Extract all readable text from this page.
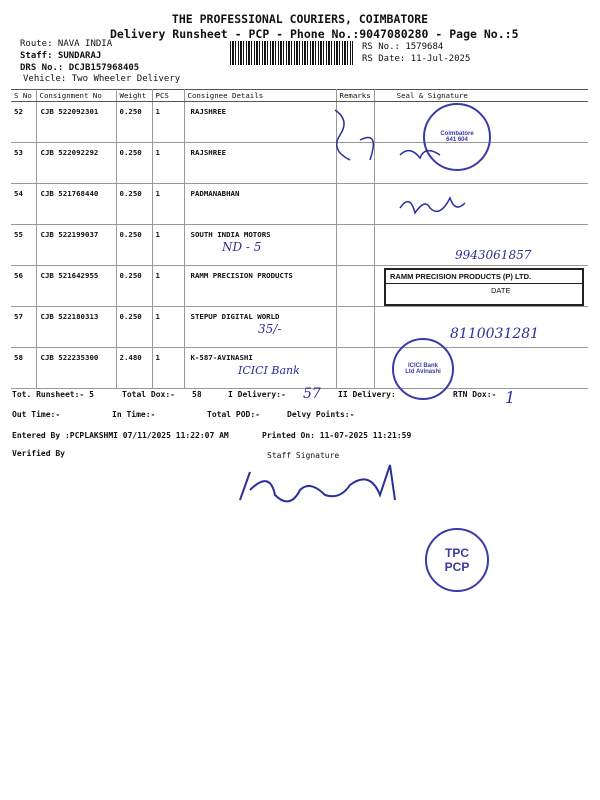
THE PROFESSIONAL COURIERS, COIMBATORE
Delivery Runsheet - PCP - Phone No.:9047080280 - Page No.:5
Route: NAVA INDIA
Staff: SUNDARAJ
DRS No.: DCJB157968405
Vehicle: Two Wheeler Delivery
RS No.: 1579684
RS Date: 11-Jul-2025
S No	Consignment No	Weight	PCS	Consignee Details	Remarks	Seal & Signature
52	CJB 522092301	0.250	1	RAJSHREE		
53	CJB 522092292	0.250	1	RAJSHREE		
54	CJB 521768440	0.250	1	PADMANABHAN		
55	CJB 522199037	0.250	1	SOUTH INDIA MOTORS		
56	CJB 521642955	0.250	1	RAMM PRECISION PRODUCTS		
57	CJB 522180313	0.250	1	STEPUP DIGITAL WORLD		
58	CJB 522235300	2.480	1	K-587-AVINASHI		
ND - 5
9943061857
35/-	8110031281
ICICI Bank
57	1
Coimbatore 641 604
RAMM PRECISION PRODUCTS (P) LTD.
DATE
ICICI Bank Ltd Avinashi
TPC
PCP
Tot. Runsheet:- 5	Total Dox:- 58	I Delivery:-	II Delivery:	RTN Dox:-
Out Time:-	In Time:-	Total POD:-	Delvy Points:-
Entered By :PCPLAKSHMI 07/11/2025 11:22:07 AM	Printed On: 11-07-2025 11:21:59
Verified By	Staff Signature
